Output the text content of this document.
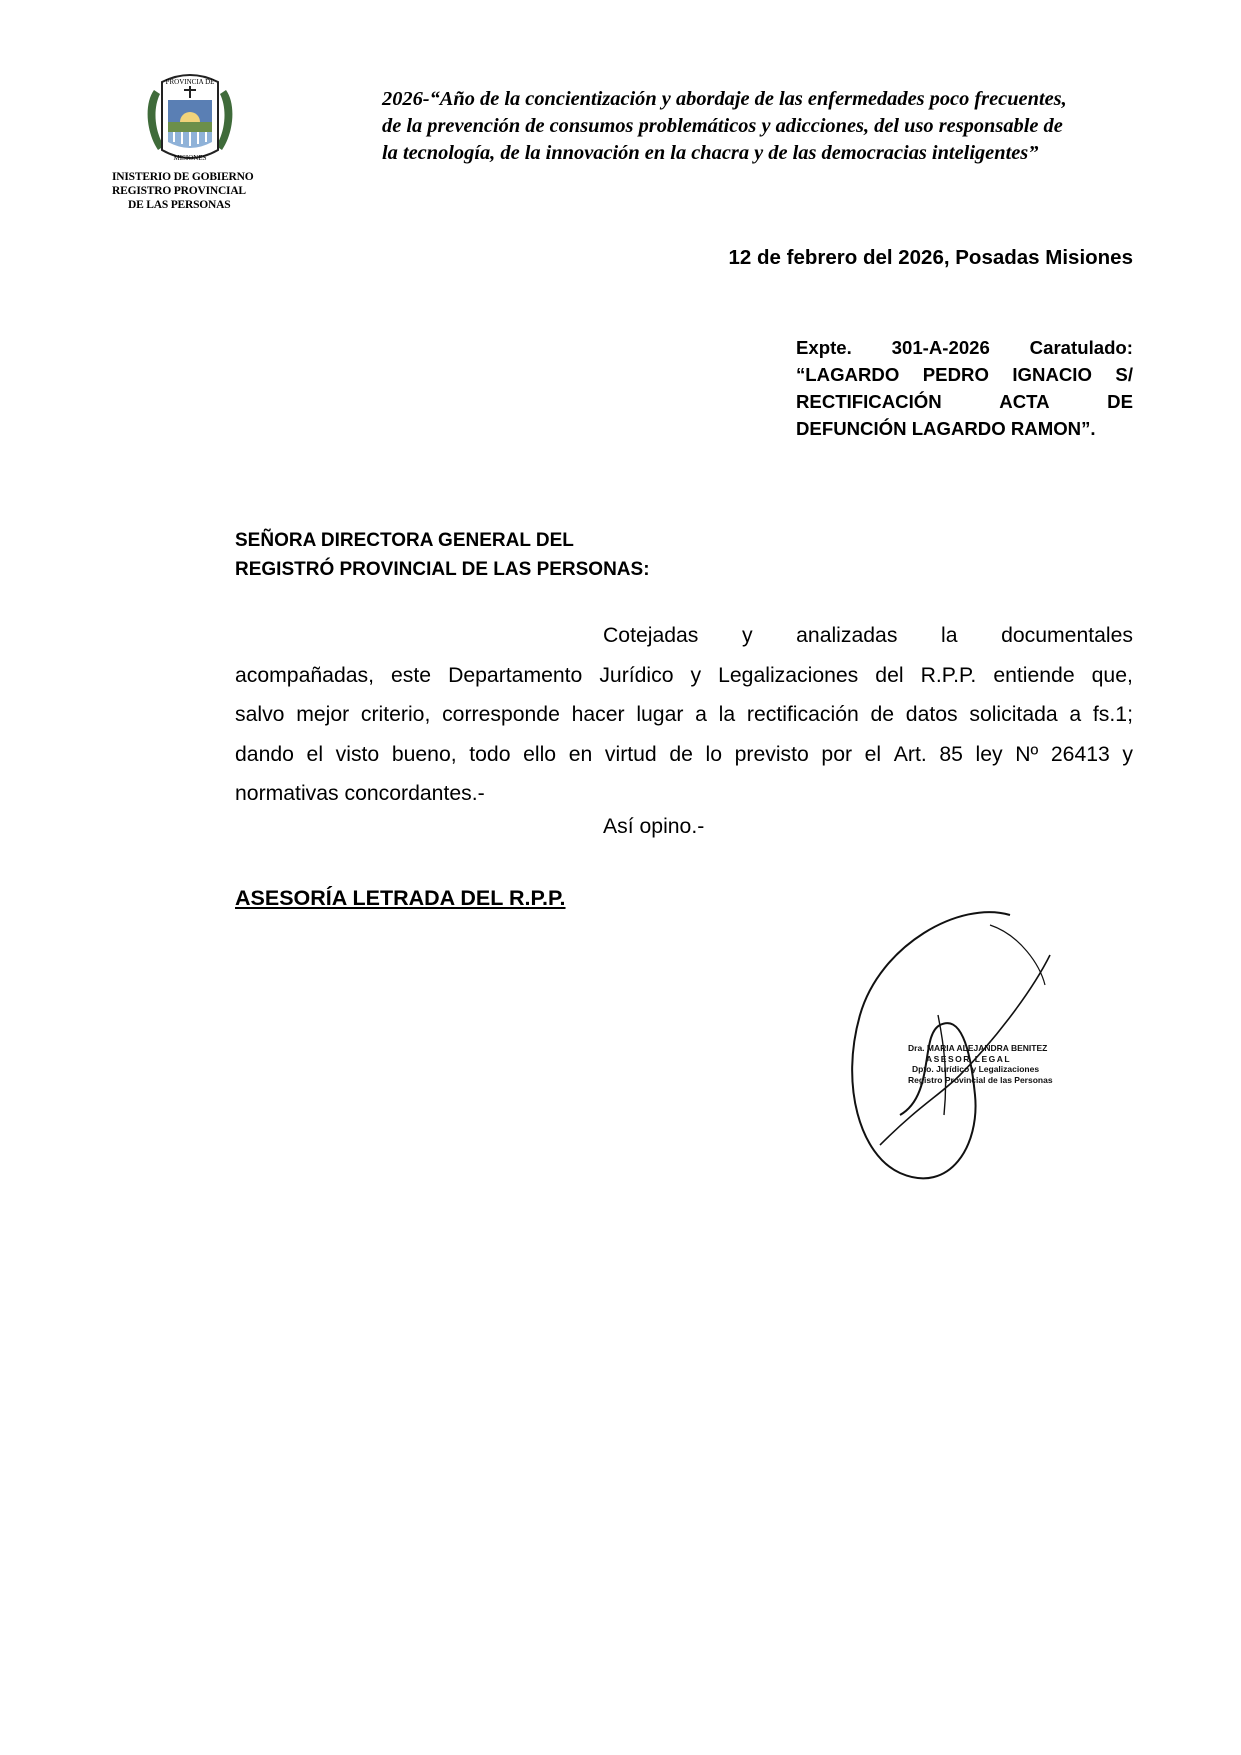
PROVINCIA DE
MISIONES
INISTERIO DE GOBIERNO
REGISTRO PROVINCIAL
DE LAS PERSONAS
2026-“Año de la concientización y abordaje de las enfermedades poco frecuentes,
de la prevención de consumos problemáticos y adicciones, del uso responsable de
la tecnología, de la innovación en la chacra y de las democracias inteligentes”
12 de febrero del 2026, Posadas Misiones
Expte. 301-A-2026 Caratulado:
“LAGARDO PEDRO IGNACIO S/
RECTIFICACIÓN	ACTA	DE
DEFUNCIÓN LAGARDO RAMON”.
SEÑORA DIRECTORA GENERAL DEL
REGISTRÓ PROVINCIAL DE LAS PERSONAS:
Cotejadas y analizadas la documentales
acompañadas, este Departamento Jurídico y Legalizaciones del R.P.P. entiende que,
salvo mejor criterio, corresponde hacer lugar a la rectificación de datos solicitada a fs.1;
dando el visto bueno, todo ello en virtud de lo previsto por el Art. 85 ley Nº 26413 y
normativas concordantes.-
Así opino.-
ASESORÍA LETRADA DEL R.P.P.
Dra. MARIA ALEJANDRA BENITEZ
ASESOR LEGAL
Dpto. Jurídico y Legalizaciones
Registro Provincial de las Personas
